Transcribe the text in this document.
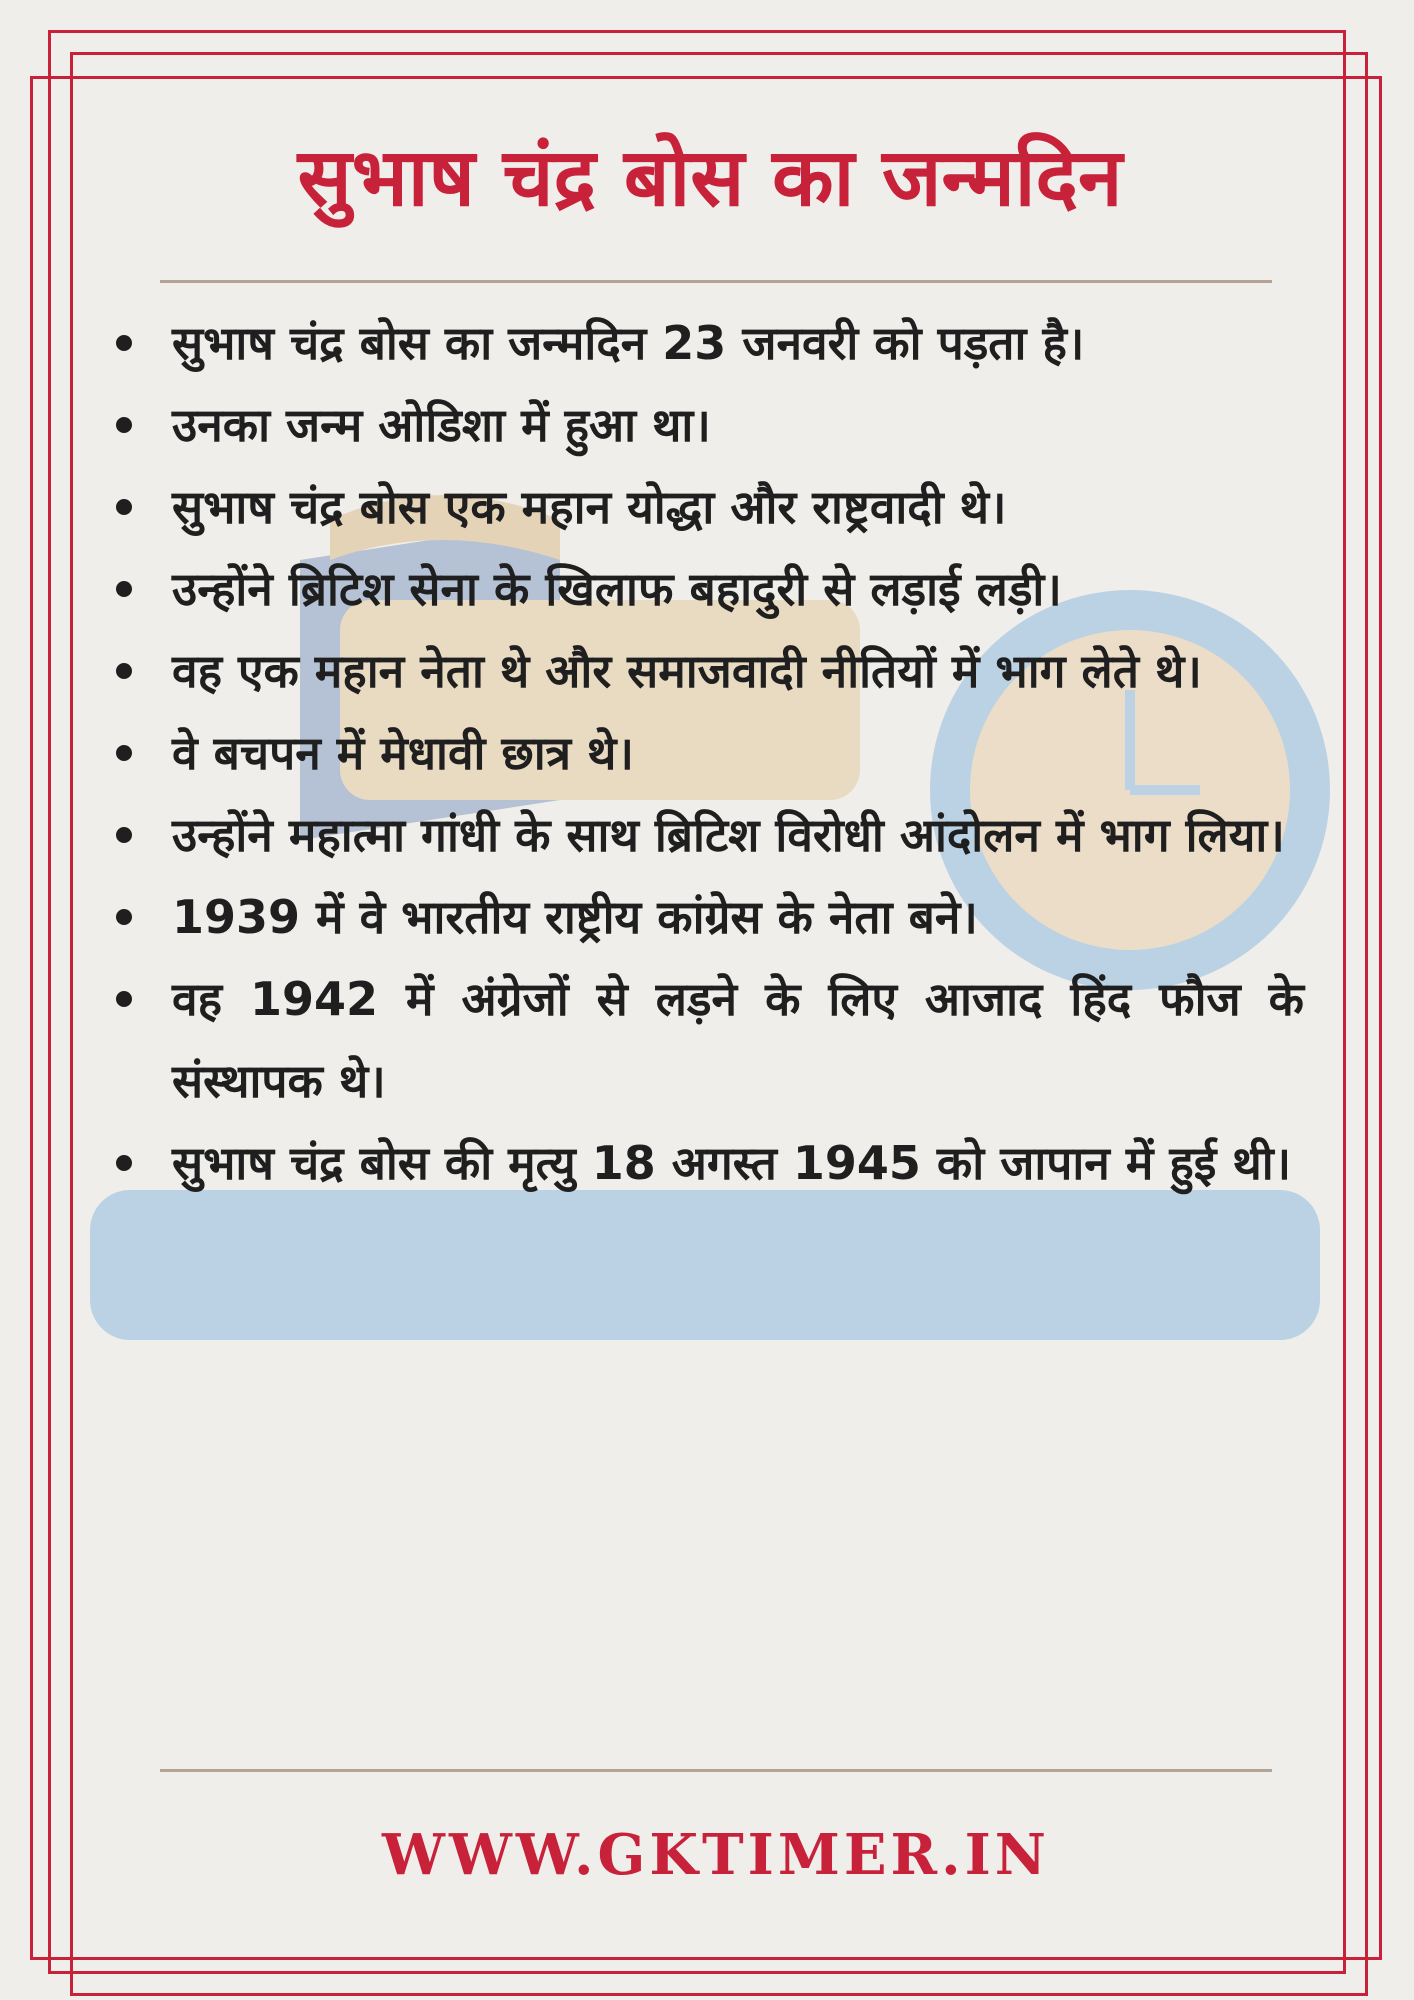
सुभाष चंद्र बोस का जन्मदिन
सुभाष चंद्र बोस का जन्मदिन 23 जनवरी को पड़ता है।
उनका जन्म ओडिशा में हुआ था।
सुभाष चंद्र बोस एक महान योद्धा और राष्ट्रवादी थे।
उन्होंने ब्रिटिश सेना के खिलाफ बहादुरी से लड़ाई लड़ी।
वह एक महान नेता थे और समाजवादी नीतियों में भाग लेते थे।
वे बचपन में मेधावी छात्र थे।
उन्होंने महात्मा गांधी के साथ ब्रिटिश विरोधी आंदोलन में भाग लिया।
1939 में वे भारतीय राष्ट्रीय कांग्रेस के नेता बने।
वह 1942 में अंग्रेजों से लड़ने के लिए आजाद हिंद फौज के संस्थापक थे।
सुभाष चंद्र बोस की मृत्यु 18 अगस्त 1945 को जापान में हुई थी।

WWW.GKTIMER.IN
